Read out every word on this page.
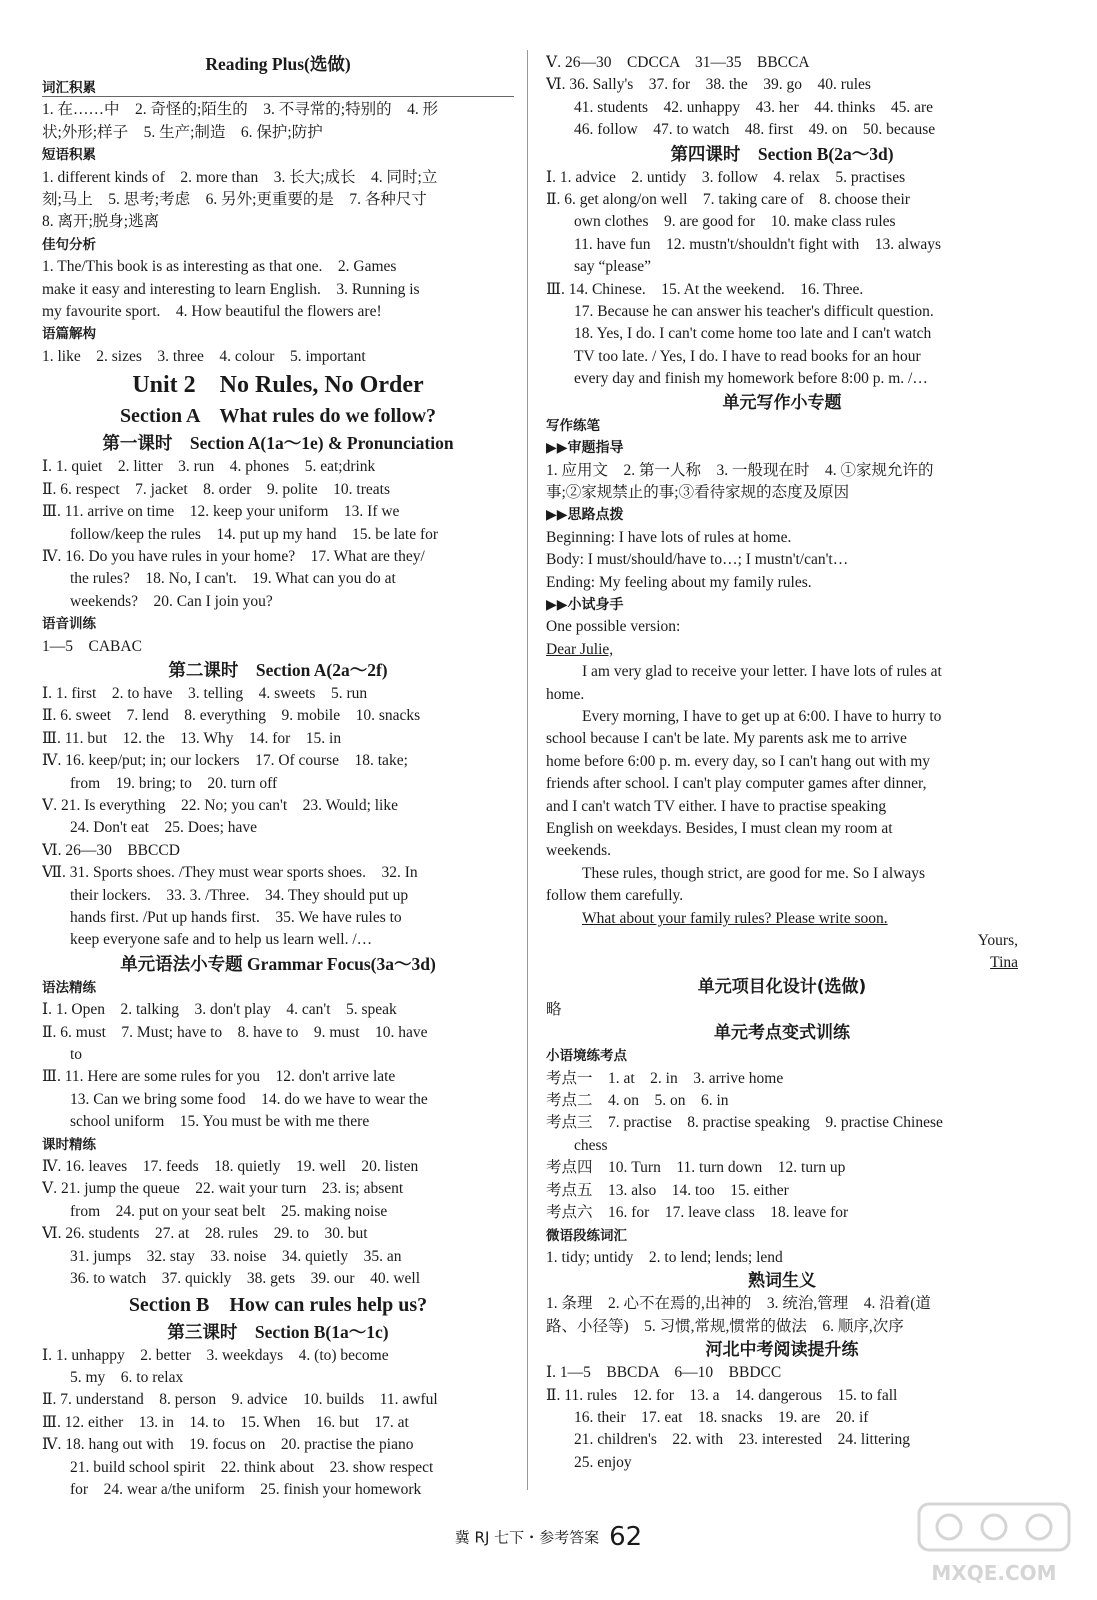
Reading Plus(选做)
词汇积累
1. 在……中　2. 奇怪的;陌生的　3. 不寻常的;特别的　4. 形
状;外形;样子　5. 生产;制造　6. 保护;防护
短语积累
1. different kinds of　2. more than　3. 长大;成长　4. 同时;立
刻;马上　5. 思考;考虑　6. 另外;更重要的是　7. 各种尺寸
8. 离开;脱身;逃离
佳句分析
1. The/This book is as interesting as that one.　2. Games
make it easy and interesting to learn English.　3. Running is
my favourite sport.　4. How beautiful the flowers are!
语篇解构
1. like　2. sizes　3. three　4. colour　5. important
Unit 2　No Rules, No Order
Section A　What rules do we follow?
第一课时　Section A(1a～1e) & Pronunciation
Ⅰ. 1. quiet　2. litter　3. run　4. phones　5. eat;drink
Ⅱ. 6. respect　7. jacket　8. order　9. polite　10. treats
Ⅲ. 11. arrive on time　12. keep your uniform　13. If we
follow/keep the rules　14. put up my hand　15. be late for
Ⅳ. 16. Do you have rules in your home?　17. What are they/
the rules?　18. No, I can't.　19. What can you do at
weekends?　20. Can I join you?
语音训练
1—5　CABAC
第二课时　Section A(2a～2f)
Ⅰ. 1. first　2. to have　3. telling　4. sweets　5. run
Ⅱ. 6. sweet　7. lend　8. everything　9. mobile　10. snacks
Ⅲ. 11. but　12. the　13. Why　14. for　15. in
Ⅳ. 16. keep/put; in; our lockers　17. Of course　18. take;
from　19. bring; to　20. turn off
Ⅴ. 21. Is everything　22. No; you can't　23. Would; like
24. Don't eat　25. Does; have
Ⅵ. 26—30　BBCCD
Ⅶ. 31. Sports shoes. /They must wear sports shoes.　32. In
their lockers.　33. 3. /Three.　34. They should put up
hands first. /Put up hands first.　35. We have rules to
keep everyone safe and to help us learn well. /…
单元语法小专题 Grammar Focus(3a～3d)
语法精练
Ⅰ. 1. Open　2. talking　3. don't play　4. can't　5. speak
Ⅱ. 6. must　7. Must; have to　8. have to　9. must　10. have
to
Ⅲ. 11. Here are some rules for you　12. don't arrive late
13. Can we bring some food　14. do we have to wear the
school uniform　15. You must be with me there
课时精练
Ⅳ. 16. leaves　17. feeds　18. quietly　19. well　20. listen
Ⅴ. 21. jump the queue　22. wait your turn　23. is; absent
from　24. put on your seat belt　25. making noise
Ⅵ. 26. students　27. at　28. rules　29. to　30. but
31. jumps　32. stay　33. noise　34. quietly　35. an
36. to watch　37. quickly　38. gets　39. our　40. well
Section B　How can rules help us?
第三课时　Section B(1a～1c)
Ⅰ. 1. unhappy　2. better　3. weekdays　4. (to) become
5. my　6. to relax
Ⅱ. 7. understand　8. person　9. advice　10. builds　11. awful
Ⅲ. 12. either　13. in　14. to　15. When　16. but　17. at
Ⅳ. 18. hang out with　19. focus on　20. practise the piano
21. build school spirit　22. think about　23. show respect
for　24. wear a/the uniform　25. finish your homework
Ⅴ. 26—30　CDCCA　31—35　BBCCA
Ⅵ. 36. Sally's　37. for　38. the　39. go　40. rules
41. students　42. unhappy　43. her　44. thinks　45. are
46. follow　47. to watch　48. first　49. on　50. because
第四课时　Section B(2a～3d)
Ⅰ. 1. advice　2. untidy　3. follow　4. relax　5. practises
Ⅱ. 6. get along/on well　7. taking care of　8. choose their
own clothes　9. are good for　10. make class rules
11. have fun　12. mustn't/shouldn't fight with　13. always
say “please”
Ⅲ. 14. Chinese.　15. At the weekend.　16. Three.
17. Because he can answer his teacher's difficult question.
18. Yes, I do. I can't come home too late and I can't watch
TV too late. / Yes, I do. I have to read books for an hour
every day and finish my homework before 8:00 p. m. /…
单元写作小专题
写作练笔
▶▶审题指导
1. 应用文　2. 第一人称　3. 一般现在时　4. ①家规允许的
事;②家规禁止的事;③看待家规的态度及原因
▶▶思路点拨
Beginning: I have lots of rules at home.
Body: I must/should/have to…; I mustn't/can't…
Ending: My feeling about my family rules.
▶▶小试身手
One possible version:
Dear Julie,
I am very glad to receive your letter. I have lots of rules at
home.
Every morning, I have to get up at 6:00. I have to hurry to
school because I can't be late. My parents ask me to arrive
home before 6:00 p. m. every day, so I can't hang out with my
friends after school. I can't play computer games after dinner,
and I can't watch TV either. I have to practise speaking
English on weekdays. Besides, I must clean my room at
weekends.
These rules, though strict, are good for me. So I always
follow them carefully.
What about your family rules? Please write soon.
Yours,
Tina
单元项目化设计(选做)
略
单元考点变式训练
小语境练考点
考点一　1. at　2. in　3. arrive home
考点二　4. on　5. on　6. in
考点三　7. practise　8. practise speaking　9. practise Chinese
chess
考点四　10. Turn　11. turn down　12. turn up
考点五　13. also　14. too　15. either
考点六　16. for　17. leave class　18. leave for
微语段练词汇
1. tidy; untidy　2. to lend; lends; lend
熟词生义
1. 条理　2. 心不在焉的,出神的　3. 统治,管理　4. 沿着(道
路、小径等)　5. 习惯,常规,惯常的做法　6. 顺序,次序
河北中考阅读提升练
Ⅰ. 1—5　BBCDA　6—10　BBDCC
Ⅱ. 11. rules　12. for　13. a　14. dangerous　15. to fall
16. their　17. eat　18. snacks　19. are　20. if
21. children's　22. with　23. interested　24. littering
25. enjoy
冀 RJ 七下・参考答案 62
MXQE.COM
